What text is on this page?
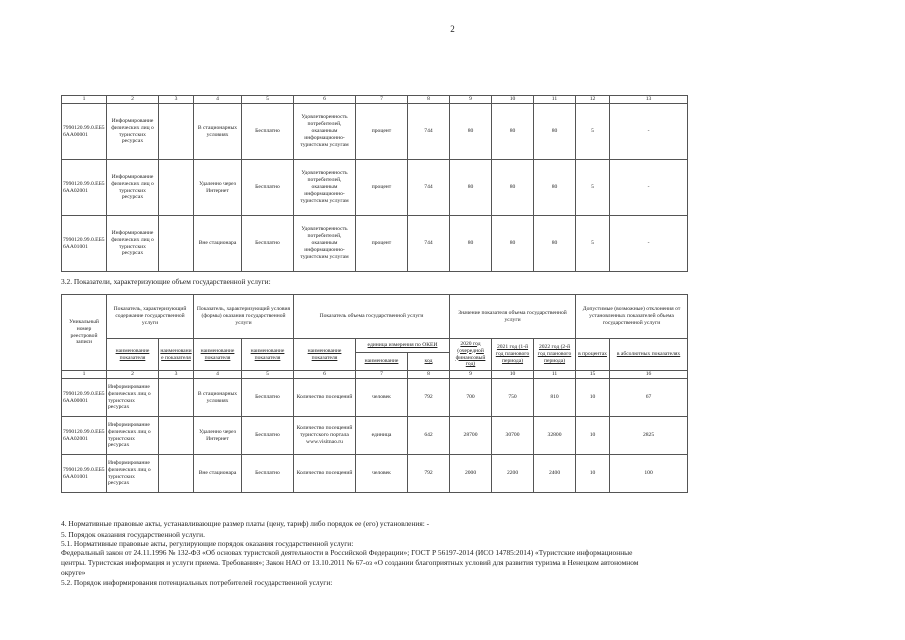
2
1	2	3	4	5	6	7	8	9	10	11	12	13
7990120.99.0.ЕБ56АА00001	Информирование физических лиц о туристских ресурсах		В стационарных условиях	Бесплатно	Удовлетворенность потребителей, оказанным информационно-туристским услугам	процент	744	80	80	80	5	-
7990120.99.0.ЕБ56АА02001	Информирование физических лиц о туристских ресурсах		Удаленно через Интернет	Бесплатно	Удовлетворенность потребителей, оказанным информационно-туристским услугам	процент	744	80	80	80	5	-
7990120.99.0.ЕБ56АА01001	Информирование физических лиц о туристских ресурсах		Вне стационара	Бесплатно	Удовлетворенность потребителей, оказанным информационно-туристским услугам	процент	744	80	80	80	5	-
3.2. Показатели, характеризующие объем государственной услуги:
Уникальный номер реестровой записи	Показатель, характеризующий содержание государственной услуги		Показатель, характеризующий условия (формы) оказания государственной услуги		Показатель объема государственной услуги			Значение показателя объема государственной услуги			Допустимые (возможные) отклонения от установленных показателей объема государственной услуги	
	наименование показателя	наименование показателя	наименование показателя	наименование показателя	наименование показателя	единица измерения по ОКЕИ		2020 год (очередной финансовый год)	2021 год (1-й год планового периода)	2022 год (2-й год планового периода)	в процентах	в абсолютных показателях
						наименование	код					
1	2	3	4	5	6	7	8	9	10	11	15	16
7990120.99.0.ЕБ56АА00001	Информирование физических лиц о туристских ресурсах		В стационарных условиях	Бесплатно	Количество посещений	человек	792	700	750	810	10	67
7990120.99.0.ЕБ56АА02001	Информирование физических лиц о туристских ресурсах		Удаленно через Интернет	Бесплатно	Количество посещений туристского портала www.visitnao.ru	единица	642	28700	30700	32800	10	2825
7990120.99.0.ЕБ56АА01001	Информирование физических лиц о туристских ресурсах		Вне стационара	Бесплатно	Количество посещений	человек	792	2000	2200	2400	10	100
4. Нормативные правовые акты, устанавливающие размер платы (цену, тариф) либо порядок ее (его) установления: -
5. Порядок оказания государственной услуги.
5.1. Нормативные правовые акты, регулирующие порядок оказания государственной услуги:
Федеральный закон от 24.11.1996 № 132-ФЗ «Об основах туристской деятельности в Российской Федерации»; ГОСТ Р 56197-2014 (ИСО 14785:2014) «Туристские информационные
центры. Туристская информация и услуги приема. Требования»; Закон НАО от 13.10.2011 № 67-оз «О создании благоприятных условий для развития туризма в Ненецком автономном
округе»
5.2. Порядок информирования потенциальных потребителей государственной услуги:
